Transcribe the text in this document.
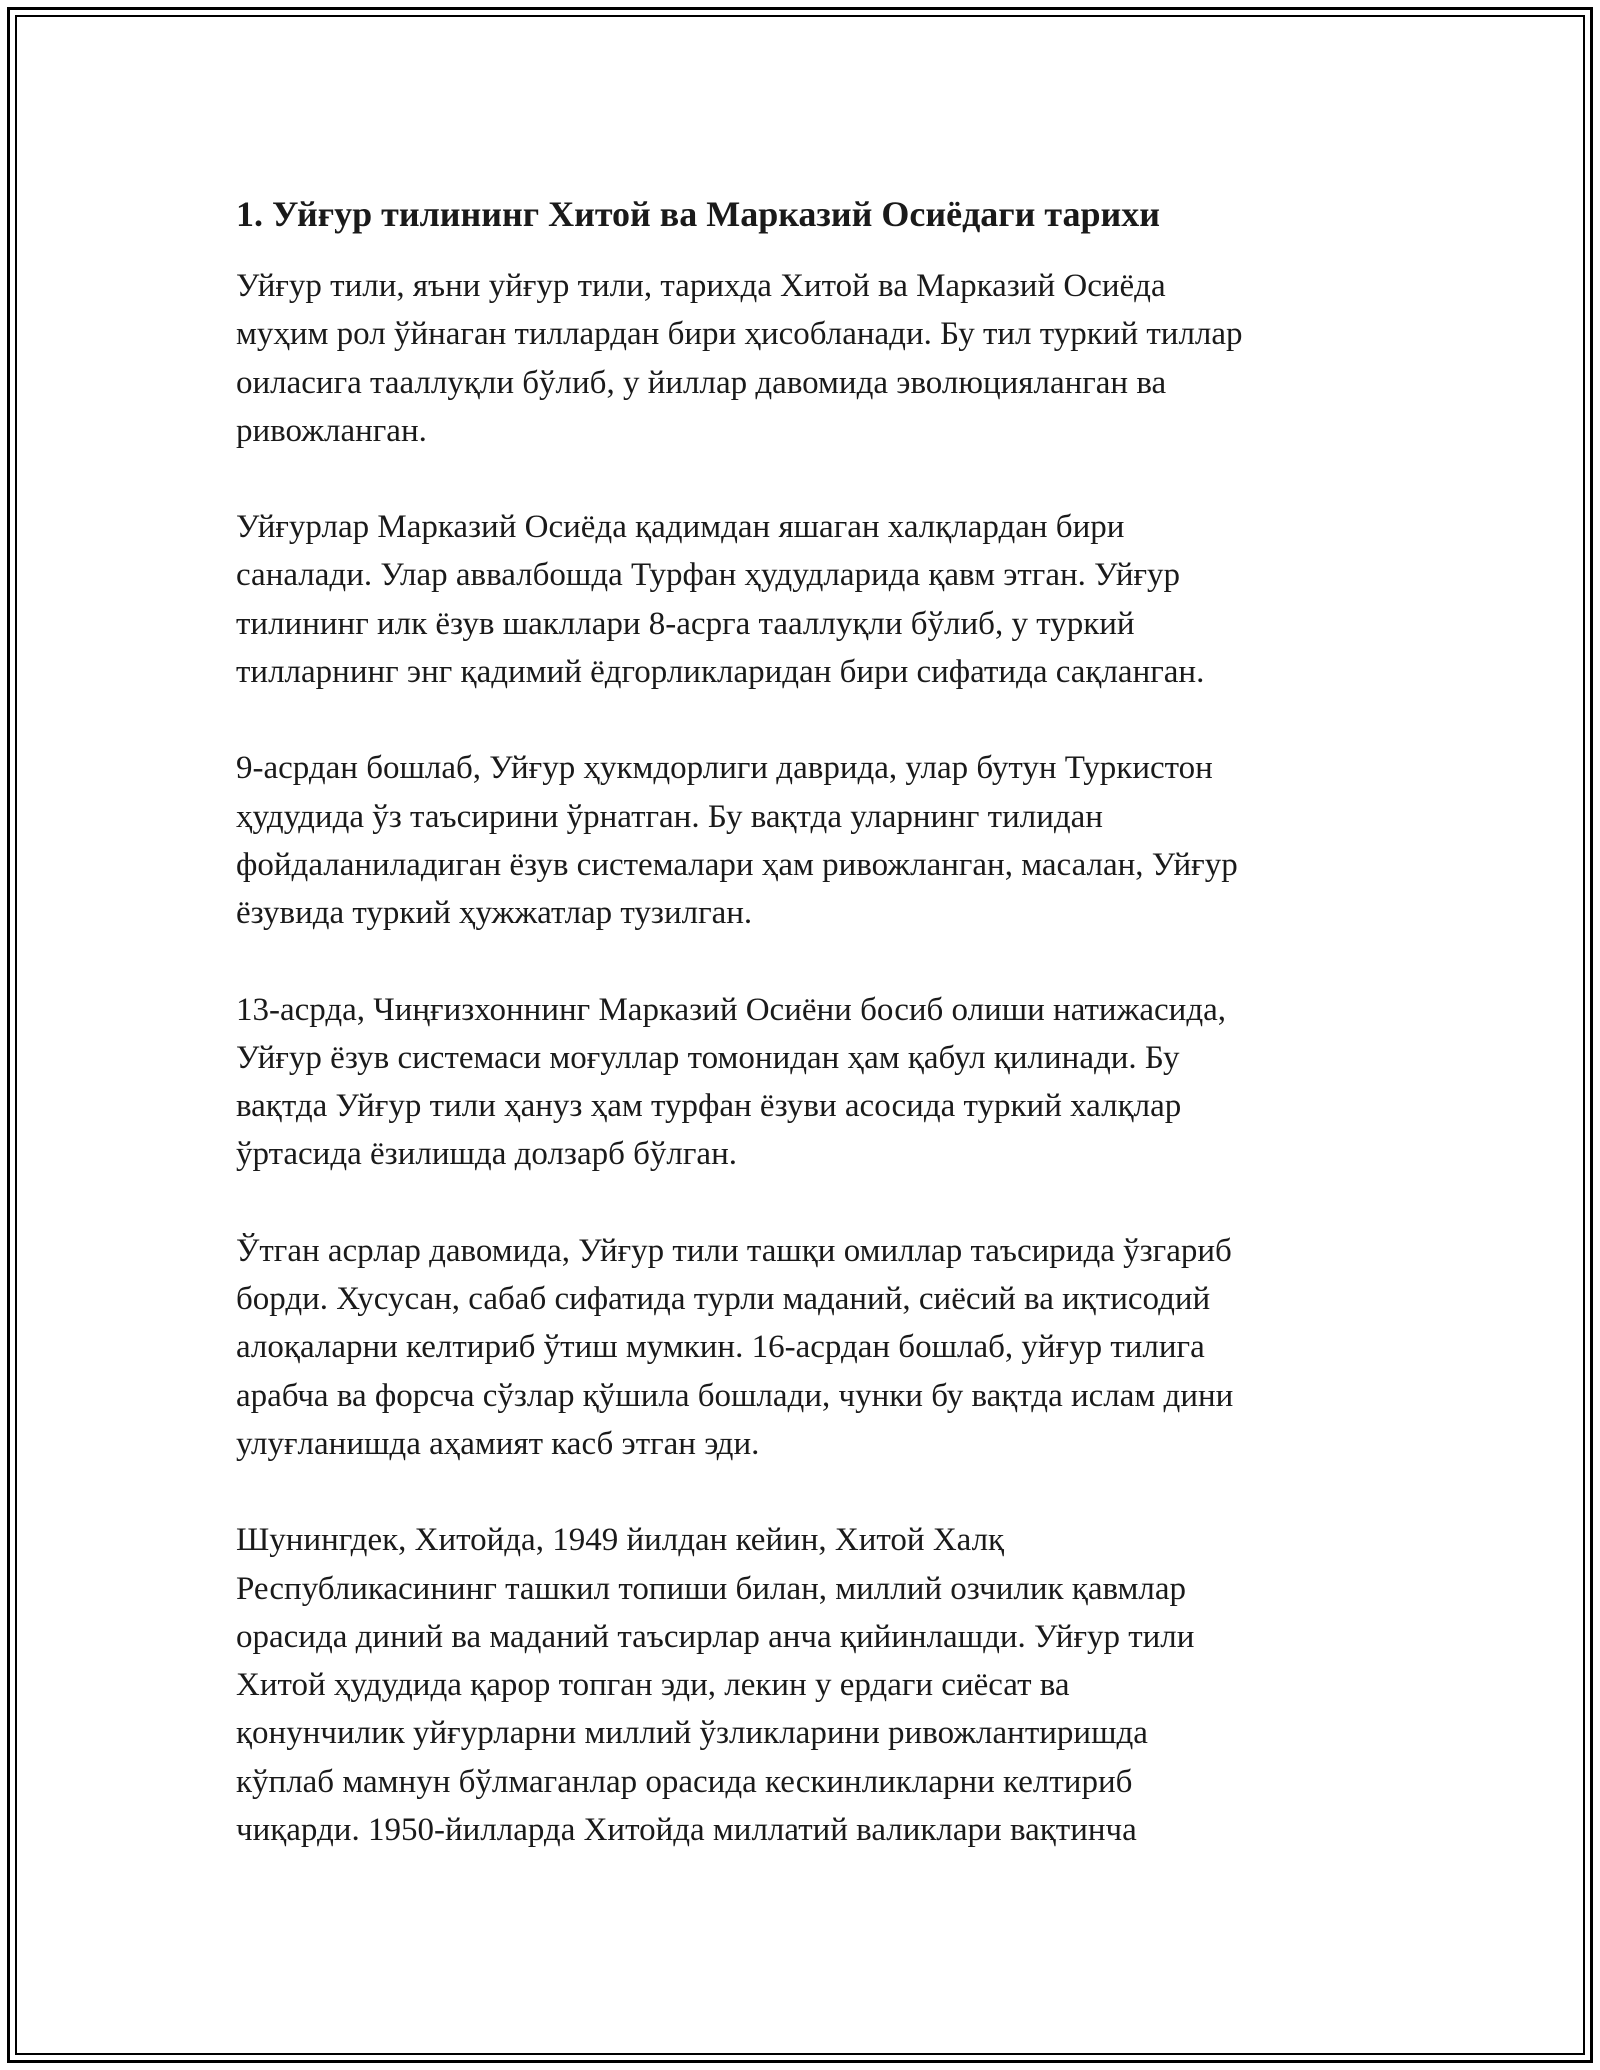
1. Уйғур тилининг Хитой ва Марказий Осиёдаги тарихи

Уйғур тили, яъни уйғур тили, тарихда Хитой ва Марказий Осиёда
муҳим рол ўйнаган тиллардан бири ҳисобланади. Бу тил туркий тиллар
оиласига тааллуқли бўлиб, у йиллар давомида эволюцияланган ва
ривожланган.

Уйғурлар Марказий Осиёда қадимдан яшаган халқлардан бири
саналади. Улар аввалбошда Турфан ҳудудларида қавм этган. Уйғур
тилининг илк ёзув шакллари 8-асрга тааллуқли бўлиб, у туркий
тилларнинг энг қадимий ёдгорликларидан бири сифатида сақланган.

9-асрдан бошлаб, Уйғур ҳукмдорлиги даврида, улар бутун Туркистон
ҳудудида ўз таъсирини ўрнатган. Бу вақтда уларнинг тилидан
фойдаланиладиган ёзув системалари ҳам ривожланган, масалан, Уйғур
ёзувида туркий ҳужжатлар тузилган.

13-асрда, Чиңғизхоннинг Марказий Осиёни босиб олиши натижасида,
Уйғур ёзув системаси моғуллар томонидан ҳам қабул қилинади. Бу
вақтда Уйғур тили ҳануз ҳам турфан ёзуви асосида туркий халқлар
ўртасида ёзилишда долзарб бўлган.

Ўтган асрлар давомида, Уйғур тили ташқи омиллар таъсирида ўзгариб
борди. Хусусан, сабаб сифатида турли маданий, сиёсий ва иқтисодий
алоқаларни келтириб ўтиш мумкин. 16-асрдан бошлаб, уйғур тилига
арабча ва форсча сўзлар қўшила бошлади, чунки бу вақтда ислам дини
улуғланишда аҳамият касб этган эди.

Шунингдек, Хитойда, 1949 йилдан кейин, Хитой Халқ
Республикасининг ташкил топиши билан, миллий озчилик қавмлар
орасида диний ва маданий таъсирлар анча қийинлашди. Уйғур тили
Хитой ҳудудида қарор топган эди, лекин у ердаги сиёсат ва
қонунчилик уйғурларни миллий ўзликларини ривожлантиришда
кўплаб мамнун бўлмаганлар орасида кескинликларни келтириб
чиқарди. 1950-йилларда Хитойда миллатий валиклари вақтинча
